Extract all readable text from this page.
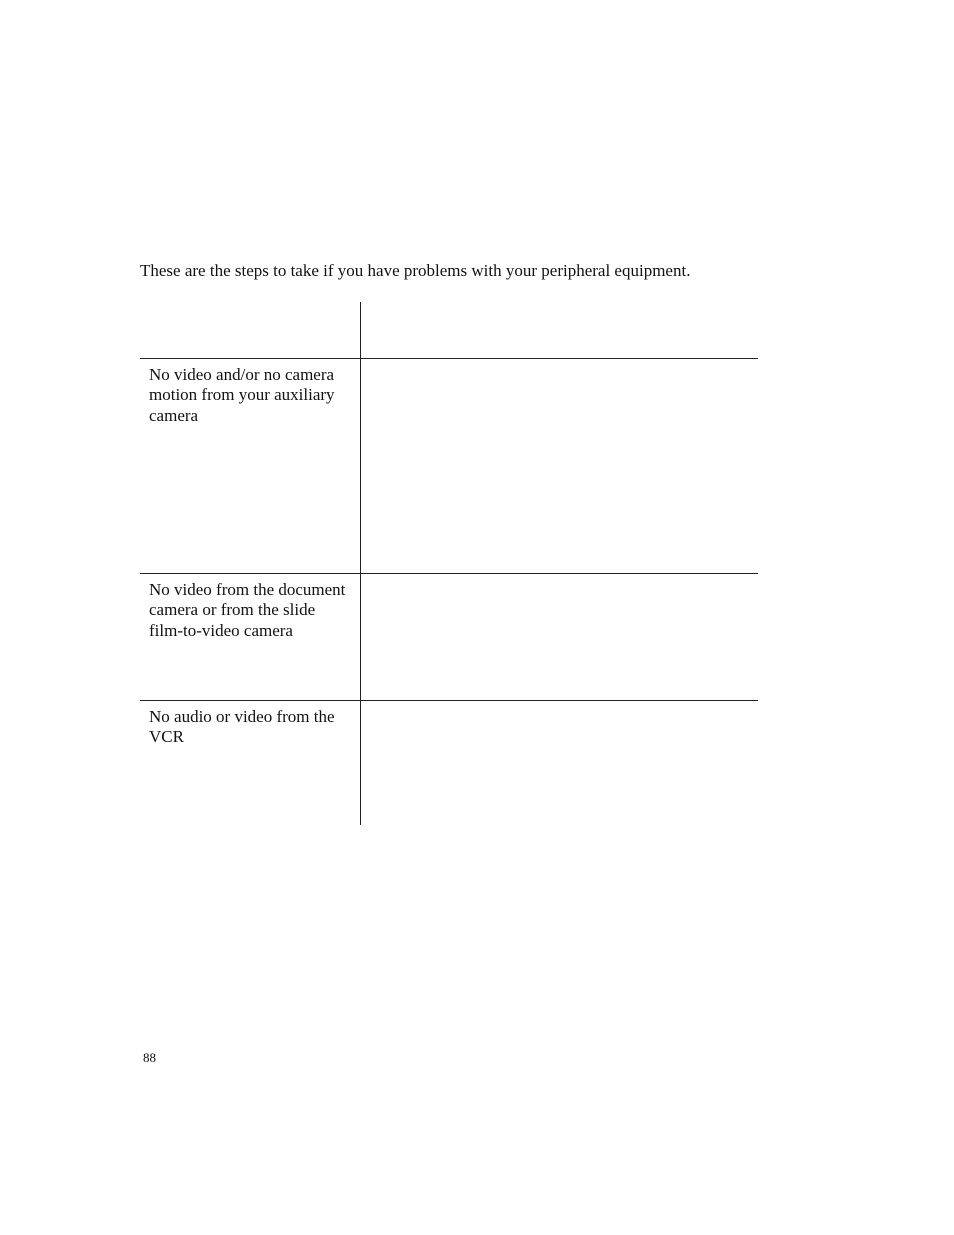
These are the steps to take if you have problems with your peripheral equipment.

No video and/or no camera motion from your auxiliary camera
No video from the document camera or from the slide film-to-video camera
No audio or video from the VCR
88
